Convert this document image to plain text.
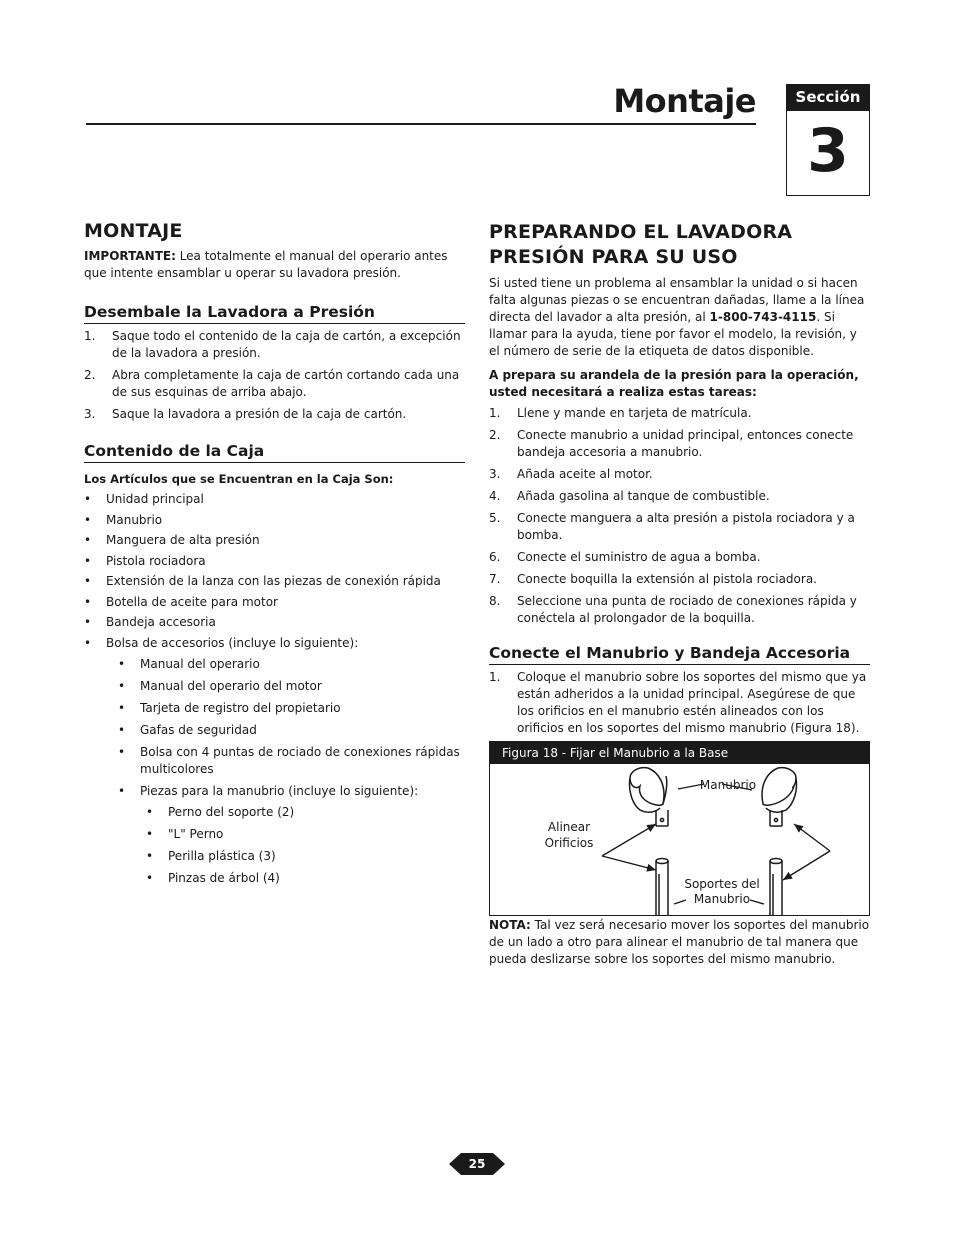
Montaje	Sección
3
MONTAJE

IMPORTANTE: Lea totalmente el manual del operario antes que intente ensamblar u operar su lavadora presión.

Desembale la Lavadora a Presión
1. Saque todo el contenido de la caja de cartón, a excepción de la lavadora a presión.
2. Abra completamente la caja de cartón cortando cada una de sus esquinas de arriba abajo.
3. Saque la lavadora a presión de la caja de cartón.
Contenido de la Caja

Los Artículos que se Encuentran en la Caja Son:

• Unidad principal
• Manubrio
• Manguera de alta presión
• Pistola rociadora
• Extensión de la lanza con las piezas de conexión rápida
• Botella de aceite para motor
• Bandeja accesoria
• Bolsa de accesorios (incluye lo siguiente):
• Manual del operario
• Manual del operario del motor
• Tarjeta de registro del propietario
• Gafas de seguridad
• Bolsa con 4 puntas de rociado de conexiones rápidas multicolores
• Piezas para la manubrio (incluye lo siguiente):
• Perno del soporte (2)
• "L" Perno
• Perilla plástica (3)
• Pinzas de árbol (4)
PREPARANDO EL LAVADORA PRESIÓN PARA SU USO

Si usted tiene un problema al ensamblar la unidad o si hacen falta algunas piezas o se encuentran dañadas, llame a la línea directa del lavador a alta presión, al 1-800-743-4115. Si llamar para la ayuda, tiene por favor el modelo, la revisión, y el número de serie de la etiqueta de datos disponible.

A prepara su arandela de la presión para la operación, usted necesitará a realiza estas tareas:

1. Llene y mande en tarjeta de matrícula.
2. Conecte manubrio a unidad principal, entonces conecte bandeja accesoria a manubrio.
3. Añada aceite al motor.
4. Añada gasolina al tanque de combustible.
5. Conecte manguera a alta presión a pistola rociadora y a bomba.
6. Conecte el suministro de agua a bomba.
7. Conecte boquilla la extensión al pistola rociadora.
8. Seleccione una punta de rociado de conexiones rápida y conéctela al prolongador de la boquilla.
Conecte el Manubrio y Bandeja Accesoria
1. Coloque el manubrio sobre los soportes del mismo que ya están adheridos a la unidad principal. Asegúrese de que los orificios en el manubrio estén alineados con los orificios en los soportes del mismo manubrio (Figura 18).
Figura 18 - Fijar el Manubrio a la Base
Manubrio
Alinear
Orificios
Soportes del
Manubrio

NOTA: Tal vez será necesario mover los soportes del manubrio de un lado a otro para alinear el manubrio de tal manera que pueda deslizarse sobre los soportes del mismo manubrio.

25
